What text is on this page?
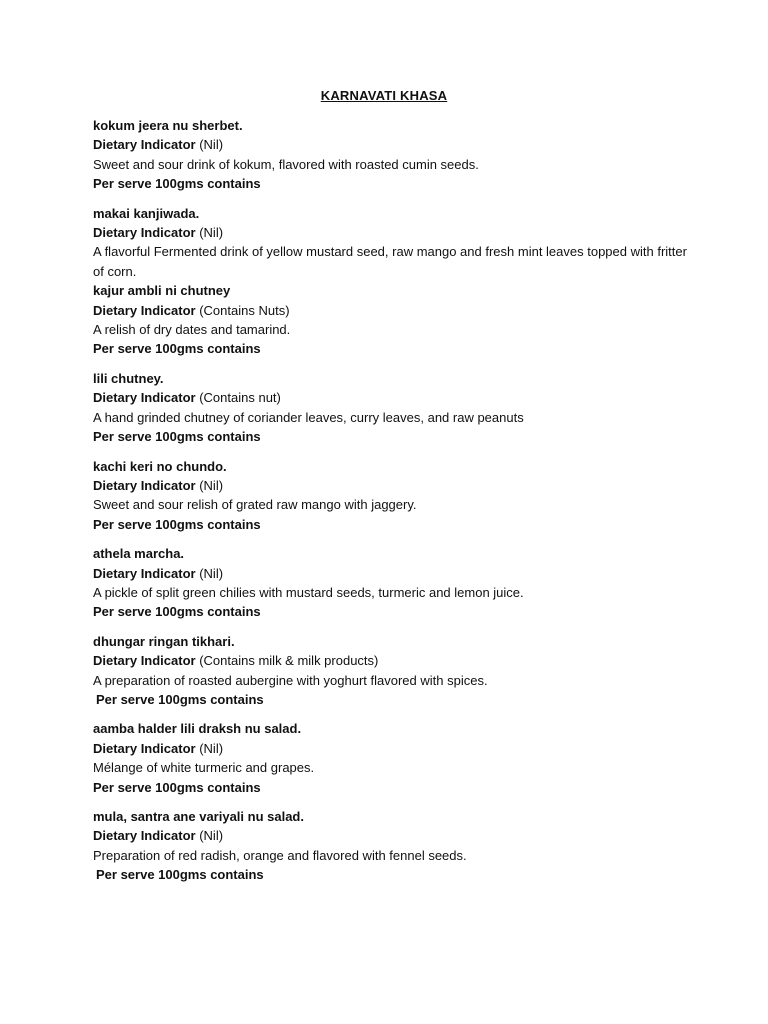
KARNAVATI KHASA
kokum jeera nu sherbet.
Dietary Indicator (Nil)
Sweet and sour drink of kokum, flavored with roasted cumin seeds.
Per serve 100gms contains
makai kanjiwada.
Dietary Indicator (Nil)
A flavorful Fermented drink of yellow mustard seed, raw mango and fresh mint leaves topped with fritter of corn.
kajur ambli ni chutney
Dietary Indicator (Contains Nuts)
A relish of dry dates and tamarind.
Per serve 100gms contains
lili chutney.
Dietary Indicator (Contains nut)
A hand grinded chutney of coriander leaves, curry leaves, and raw peanuts
Per serve 100gms contains
kachi keri no chundo.
Dietary Indicator (Nil)
Sweet and sour relish of grated raw mango with jaggery.
Per serve 100gms contains
athela marcha.
Dietary Indicator (Nil)
A pickle of split green chilies with mustard seeds, turmeric and lemon juice.
Per serve 100gms contains
dhungar ringan tikhari.
Dietary Indicator (Contains milk & milk products)
A preparation of roasted aubergine with yoghurt flavored with spices.
Per serve 100gms contains
aamba halder lili draksh nu salad.
Dietary Indicator (Nil)
Mélange of white turmeric and grapes.
Per serve 100gms contains
mula, santra ane variyali nu salad.
Dietary Indicator (Nil)
Preparation of red radish, orange and flavored with fennel seeds.
Per serve 100gms contains
